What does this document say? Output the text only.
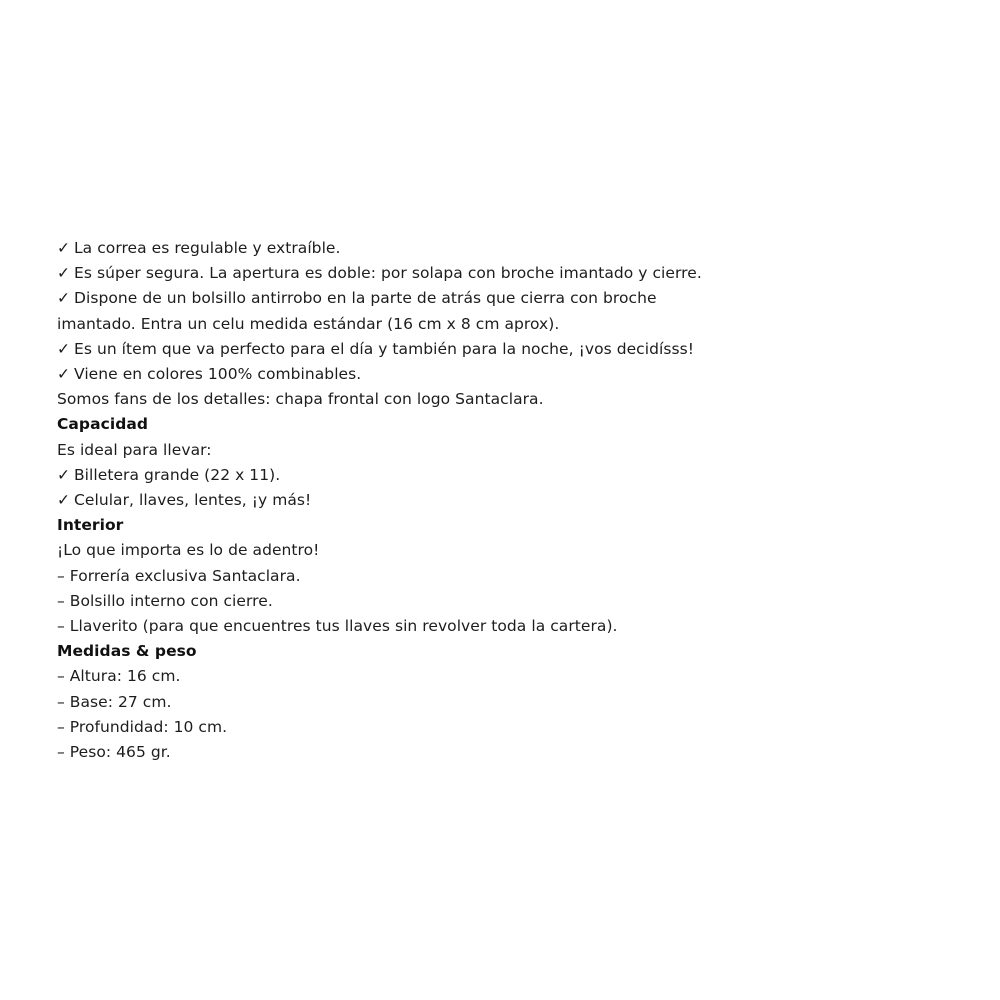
✓ La correa es regulable y extraíble.
✓ Es súper segura. La apertura es doble: por solapa con broche imantado y cierre.
✓ Dispone de un bolsillo antirrobo en la parte de atrás que cierra con broche
imantado. Entra un celu medida estándar (16 cm x 8 cm aprox).
✓ Es un ítem que va perfecto para el día y también para la noche, ¡vos decidísss!
✓ Viene en colores 100% combinables.
Somos fans de los detalles: chapa frontal con logo Santaclara.
Capacidad
Es ideal para llevar:
✓ Billetera grande (22 x 11).
✓ Celular, llaves, lentes, ¡y más!
Interior
¡Lo que importa es lo de adentro!
– Forrería exclusiva Santaclara.
– Bolsillo interno con cierre.
– Llaverito (para que encuentres tus llaves sin revolver toda la cartera).
Medidas & peso
– Altura: 16 cm.
– Base: 27 cm.
– Profundidad: 10 cm.
– Peso: 465 gr.
